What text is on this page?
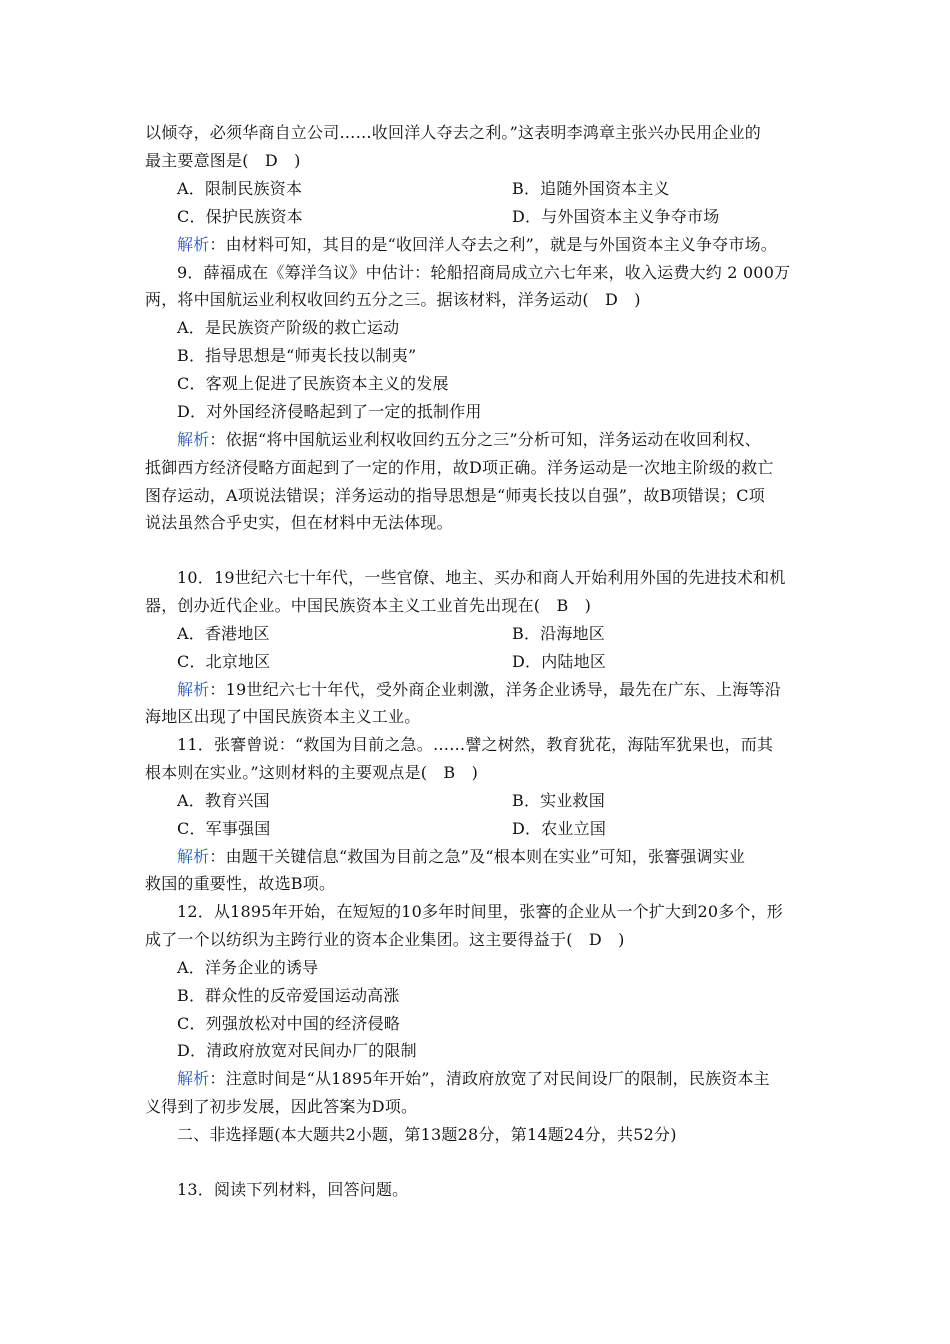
以倾夺，必须华商自立公司……收回洋人夺去之利。”这表明李鸿章主张兴办民用企业的
最主要意图是(　D　)
A．限制民族资本	B．追随外国资本主义
C．保护民族资本	D．与外国资本主义争夺市场
解析：由材料可知，其目的是“收回洋人夺去之利”，就是与外国资本主义争夺市场。
9．薛福成在《筹洋刍议》中估计：轮船招商局成立六七年来，收入运费大约 2 000万
两，将中国航运业利权收回约五分之三。据该材料，洋务运动(　D　)
A．是民族资产阶级的救亡运动
B．指导思想是“师夷长技以制夷”
C．客观上促进了民族资本主义的发展
D．对外国经济侵略起到了一定的抵制作用
解析：依据“将中国航运业利权收回约五分之三”分析可知，洋务运动在收回利权、
抵御西方经济侵略方面起到了一定的作用，故D项正确。洋务运动是一次地主阶级的救亡
图存运动，A项说法错误；洋务运动的指导思想是“师夷长技以自强”，故B项错误；C项
说法虽然合乎史实，但在材料中无法体现。
10．19世纪六七十年代，一些官僚、地主、买办和商人开始利用外国的先进技术和机
器，创办近代企业。中国民族资本主义工业首先出现在(　B　)
A．香港地区	B．沿海地区
C．北京地区	D．内陆地区
解析：19世纪六七十年代，受外商企业刺激，洋务企业诱导，最先在广东、上海等沿
海地区出现了中国民族资本主义工业。
11．张謇曾说：“救国为目前之急。……譬之树然，教育犹花，海陆军犹果也，而其
根本则在实业。”这则材料的主要观点是(　B　)
A．教育兴国	B．实业救国
C．军事强国	D．农业立国
解析：由题干关键信息“救国为目前之急”及“根本则在实业”可知，张謇强调实业
救国的重要性，故选B项。
12．从1895年开始，在短短的10多年时间里，张謇的企业从一个扩大到20多个，形
成了一个以纺织为主跨行业的资本企业集团。这主要得益于(　D　)
A．洋务企业的诱导
B．群众性的反帝爱国运动高涨
C．列强放松对中国的经济侵略
D．清政府放宽对民间办厂的限制
解析：注意时间是“从1895年开始”，清政府放宽了对民间设厂的限制，民族资本主
义得到了初步发展，因此答案为D项。
二、非选择题(本大题共2小题，第13题28分，第14题24分，共52分)
13．阅读下列材料，回答问题。
